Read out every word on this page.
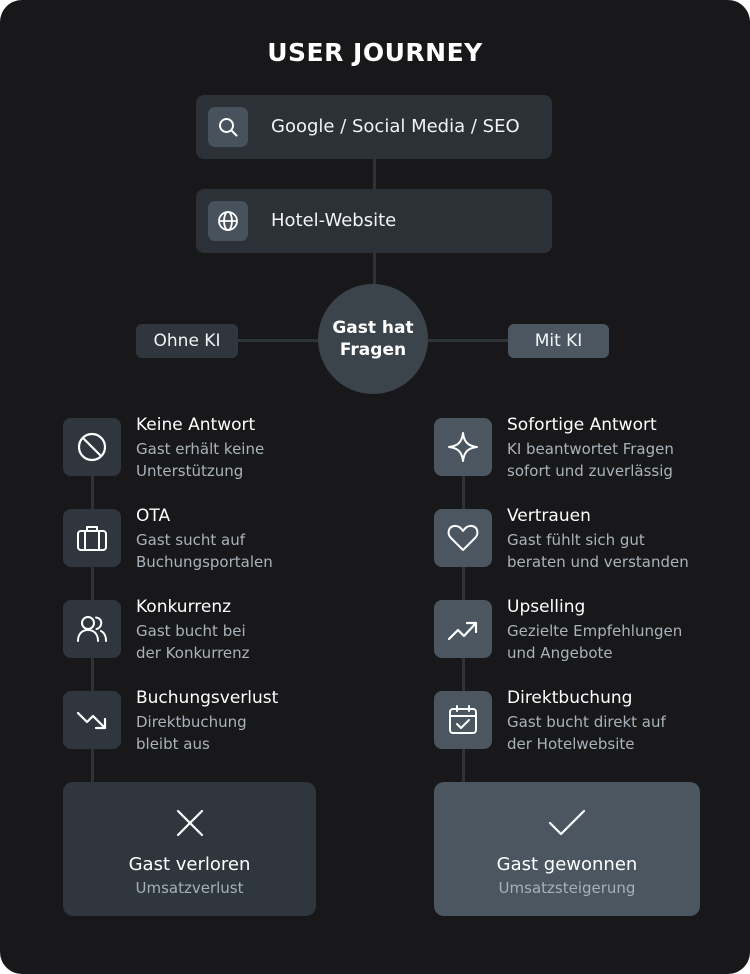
USER JOURNEY
Google / Social Media / SEO
Hotel-Website
Ohne KI	Mit KI
Gast hat
Fragen
Keine Antwort
Gast erhält keine
Unterstützung
OTA
Gast sucht auf
Buchungsportalen
Konkurrenz
Gast bucht bei
der Konkurrenz
Buchungsverlust
Direktbuchung
bleibt aus
Sofortige Antwort
KI beantwortet Fragen
sofort und zuverlässig
Vertrauen
Gast fühlt sich gut
beraten und verstanden
Upselling
Gezielte Empfehlungen
und Angebote
Direktbuchung
Gast bucht direkt auf
der Hotelwebsite
Gast verloren
Umsatzverlust
Gast gewonnen
Umsatzsteigerung
